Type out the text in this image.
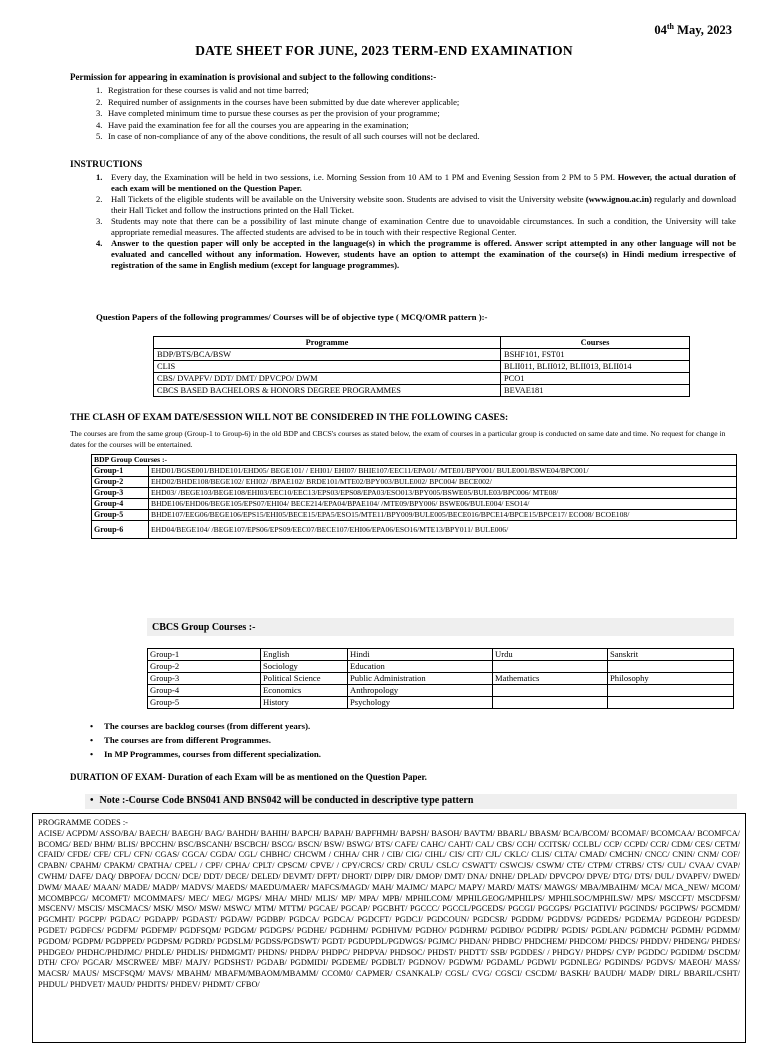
04th May, 2023
DATE SHEET FOR JUNE, 2023 TERM-END EXAMINATION
Permission for appearing in examination is provisional and subject to the following conditions:-
1. Registration for these courses is valid and not time barred;
2. Required number of assignments in the courses have been submitted by due date wherever applicable;
3. Have completed minimum time to pursue these courses as per the provision of your programme;
4. Have paid the examination fee for all the courses you are appearing in the examination;
5. In case of non-compliance of any of the above conditions, the result of all such courses will not be declared.
INSTRUCTIONS
1. Every day, the Examination will be held in two sessions, i.e. Morning Session from 10 AM to 1 PM and Evening Session from 2 PM to 5 PM. However, the actual duration of each exam will be mentioned on the Question Paper.
2. Hall Tickets of the eligible students will be available on the University website soon. Students are advised to visit the University website (www.ignou.ac.in) regularly and download their Hall Ticket and follow the instructions printed on the Hall Ticket.
3. Students may note that there can be a possibility of last minute change of examination Centre due to unavoidable circumstances. In such a condition, the University will take appropriate remedial measures. The affected students are advised to be in touch with their respective Regional Center.
4. Answer to the question paper will only be accepted in the language(s) in which the programme is offered. Answer script attempted in any other language will not be evaluated and cancelled without any information. However, students have an option to attempt the examination of the course(s) in Hindi medium irrespective of registration of the same in English medium (except for language programmes).
Question Papers of the following programmes/ Courses will be of objective type ( MCQ/OMR pattern ):-
Programme	Courses
BDP/BTS/BCA/BSW	BSHF101, FST01
CLIS	BLII011, BLII012, BLII013, BLII014
CBS/ DVAPFV/ DDT/ DMT/ DPVCPO/ DWM	PCO1
CBCS BASED BACHELORS & HONORS DEGREE PROGRAMMES	BEVAE181
THE CLASH OF EXAM DATE/SESSION WILL NOT BE CONSIDERED IN THE FOLLOWING CASES:
The courses are from the same group (Group-1 to Group-6) in the old BDP and CBCS's courses as stated below, the exam of courses in a particular group is conducted on same date and time. No request for change in dates for the courses will be entertained.
BDP Group Courses :-	
Group-1	EHD01/BGSE001/BHDE101/EHD05/ BEGE101/ / EHI01/ EHI07/ BHIE107/EEC11/EPA01/ /MTE01/BPY001/ BULE001/BSWE04/BPC001/
Group-2	EHD02/BHDE108/BEGE102/ EHI02/ /BPAE102/ BRDE101/MTE02/BPY003/BULE002/ BPC004/ BECE002/
Group-3	EHD03/ /BEGE103/BEGE108/EHI03/EEC10/EEC13/EPS03/EPS08/EPA03/ESO013/BPY005/BSWE05/BULE03/BPC006/ MTE08/
Group-4	BHDE106/EHD06/BEGE105/EPS07/EHI04/ BECE214/EPA04/BPAE104/ /MTE09/BPY006/ BSWE06/BULE004/ ESO14/
Group-5	BHDE107/EEG06/BEGE106/EPS15/EHI05/BECE15/EPA5/ESO15/MTE11/BPY009/BULE005/BECE016/BPCE14/BPCE15/BPCE17/ ECO08/ BCOE108/
Group-6	EHD04/BEGE104/ /BEGE107/EPS06/EPS09/EEC07/BECE107/EHI06/EPA06/ESO16/MTE13/BPY011/ BULE006/
CBCS Group Courses :-
Group-1	English	Hindi	Urdu	Sanskrit
Group-2	Sociology	Education		
Group-3	Political Science	Public Administration	Mathematics	Philosophy
Group-4	Economics	Anthropology		
Group-5	History	Psychology		
• The courses are backlog courses (from different years).
• The courses are from different Programmes.
• In MP Programmes, courses from different specialization.
DURATION OF EXAM- Duration of each Exam will be as mentioned on the Question Paper.
• Note :-Course Code BNS041 AND BNS042 will be conducted in descriptive type pattern
PROGRAMME CODES :-
ACISE/ ACPDM/ ASSO/BA/ BAECH/ BAEGH/ BAG/ BAHDH/ BAHIH/ BAPCH/ BAPAH/ BAPFHMH/ BAPSH/ BASOH/ BAVTM/ BBARL/ BBASM/ BCA/BCOM/ BCOMAF/ BCOMCAA/ BCOMFCA/ BCOMG/ BED/ BHM/ BLIS/ BPCCHN/ BSC/BSCANH/ BSCBCH/ BSCG/ BSCN/ BSW/ BSWG/ BTS/ CAFE/ CAHC/ CAHT/ CAL/ CBS/ CCH/ CCITSK/ CCLBL/ CCP/ CCPD/ CCR/ CDM/ CES/ CETM/ CFAID/ CFDE/ CFE/ CFL/ CFN/ CGAS/ CGCA/ CGDA/ CGL/ CHBHC/ CHCWM / CHHA/ CHR / CIB/ CIG/ CIHL/ CIS/ CIT/ CJL/ CKLC/ CLIS/ CLTA/ CMAD/ CMCHN/ CNCC/ CNIN/ CNM/ COF/ CPABN/ CPAHM/ CPAKM/ CPATHA/ CPEL/ / CPF/ CPHA/ CPLT/ CPSCM/ CPVE/ / CPY/CRCS/ CRD/ CRUL/ CSLC/ CSWATT/ CSWCJS/ CSWM/ CTE/ CTPM/ CTRBS/ CTS/ CUL/ CVAA/ CVAP/ CWHM/ DAFE/ DAQ/ DBPOFA/ DCCN/ DCE/ DDT/ DECE/ DELED/ DEVMT/ DFPT/ DHORT/ DIPP/ DIR/ DMOP/ DMT/ DNA/ DNHE/ DPLAD/ DPVCPO/ DPVE/ DTG/ DTS/ DUL/ DVAPFV/ DWED/ DWM/ MAAE/ MAAN/ MADE/ MADP/ MADVS/ MAEDS/ MAEDU/MAER/ MAFCS/MAGD/ MAH/ MAJMC/ MAPC/ MAPY/ MARD/ MATS/ MAWGS/ MBA/MBAIHM/ MCA/ MCA_NEW/ MCOM/ MCOMBPCG/ MCOMFT/ MCOMMAFS/ MEC/ MEG/ MGPS/ MHA/ MHD/ MLIS/ MP/ MPA/ MPB/ MPHILCOM/ MPHILGEOG/MPHILPS/ MPHILSOC/MPHILSW/ MPS/ MSCCFT/ MSCDFSM/ MSCENV/ MSCIS/ MSCMACS/ MSK/ MSO/ MSW/ MSWC/ MTM/ MTTM/ PGCAE/ PGCAP/ PGCBHT/ PGCCC/ PGCCL/PGCEDS/ PGCGI/ PGCGPS/ PGCIATIVI/ PGCINDS/ PGCIPWS/ PGCMDM/ PGCMHT/ PGCPP/ PGDAC/ PGDAPP/ PGDAST/ PGDAW/ PGDBP/ PGDCA/ PGDCA/ PGDCFT/ PGDCJ/ PGDCOUN/ PGDCSR/ PGDDM/ PGDDVS/ PGDEDS/ PGDEMA/ PGDEOH/ PGDESD/ PGDET/ PGDFCS/ PGDFM/ PGDFMP/ PGDFSQM/ PGDGM/ PGDGPS/ PGDHE/ PGDHHM/ PGDHIVM/ PGDHO/ PGDHRM/ PGDIBO/ PGDIPR/ PGDIS/ PGDLAN/ PGDMCH/ PGDMH/ PGDMM/ PGDOM/ PGDPM/ PGDPPED/ PGDPSM/ PGDRD/ PGDSLM/ PGDSS/PGDSWT/ PGDT/ PGDUPDL/PGDWGS/ PGJMC/ PHDAN/ PHDBC/ PHDCHEM/ PHDCOM/ PHDCS/ PHDDV/ PHDENG/ PHDES/ PHDGEO/ PHDHC/PHDJMC/ PHDLE/ PHDLIS/ PHDMGMT/ PHDNS/ PHDPA/ PHDPC/ PHDPVA/ PHDSOC/ PHDST/ PHDTT/ SSB/ PGDDES/ / PHDGY/ PHDPS/ CYP/ PGDDC/ PGDIDM/ DSCDM/ DTH/ CFO/ PGCAR/ MSCRWEE/ MBF/ MAJY/ PGDSHST/ PGDAB/ PGDMIDI/ PGDEME/ PGDBLT/ PGDNOV/ PGDWM/ PGDAML/ PGDWI/ PGDNLEG/ PGDINDS/ PGDVS/ MAEOH/ MASS/ MACSR/ MAUS/ MSCFSQM/ MAVS/ MBAHM/ MBAFM/MBAOM/MBAMM/ CCOM0/ CAPMER/ CSANKALP/ CGSL/ CVG/ CGSCI/ CSCDM/ BASKH/ BAUDH/ MADP/ DIRL/ BBARIL/CSHT/ PHDUL/ PHDVET/ MAUD/ PHDITS/ PHDEV/ PHDMT/ CFBO/
